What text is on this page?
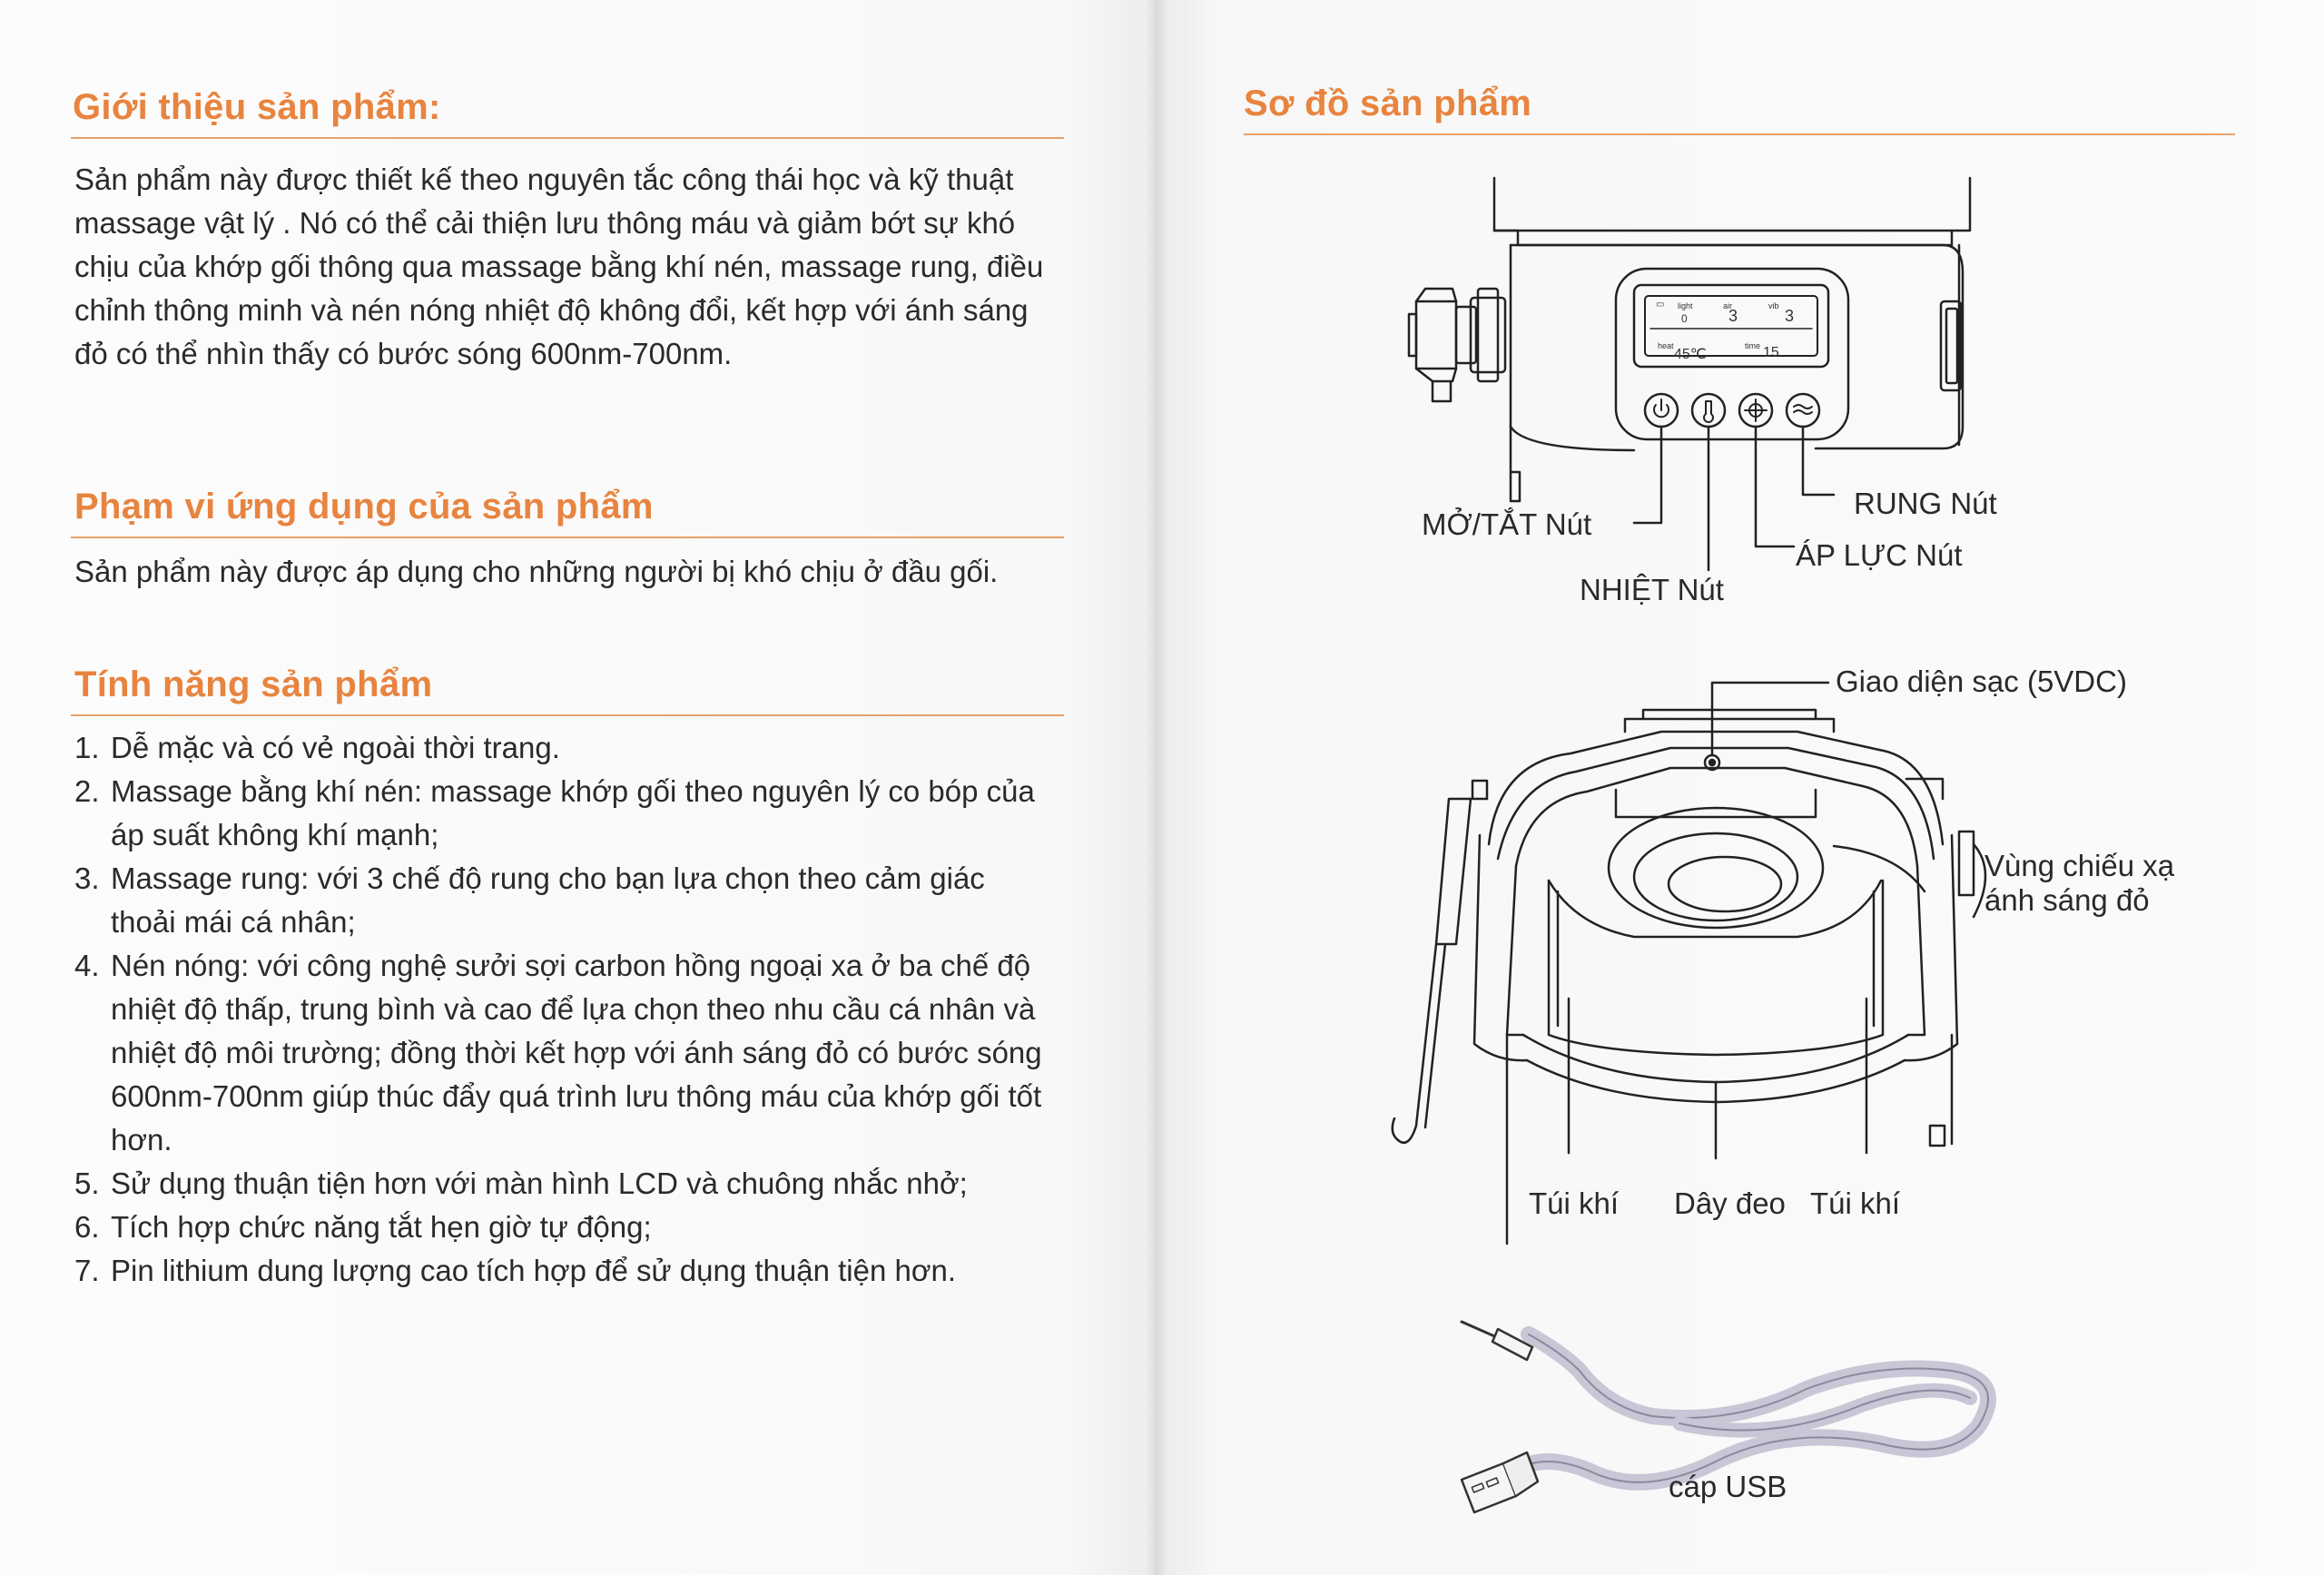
Giới thiệu sản phẩm:
Sản phẩm này được thiết kế theo nguyên tắc công thái học và kỹ thuật
massage vật lý . Nó có thể cải thiện lưu thông máu và giảm bớt sự khó
chịu của khớp gối thông qua massage bằng khí nén, massage rung, điều
chỉnh thông minh và nén nóng nhiệt độ không đổi, kết hợp với ánh sáng
đỏ có thể nhìn thấy có bước sóng 600nm-700nm.
Phạm vi ứng dụng của sản phẩm
Sản phẩm này được áp dụng cho những người bị khó chịu ở đầu gối.
Tính năng sản phẩm
1. Dễ mặc và có vẻ ngoài thời trang.
2. Massage bằng khí nén: massage khớp gối theo nguyên lý co bóp của
áp suất không khí mạnh;
3. Massage rung: với 3 chế độ rung cho bạn lựa chọn theo cảm giác
thoải mái cá nhân;
4. Nén nóng: với công nghệ sưởi sợi carbon hồng ngoại xa ở ba chế độ
nhiệt độ thấp, trung bình và cao để lựa chọn theo nhu cầu cá nhân và
nhiệt độ môi trường; đồng thời kết hợp với ánh sáng đỏ có bước sóng
600nm-700nm giúp thúc đẩy quá trình lưu thông máu của khớp gối tốt
hơn.
5. Sử dụng thuận tiện hơn với màn hình LCD và chuông nhắc nhở;
6. Tích hợp chức năng tắt hẹn giờ tự động;
7. Pin lithium dung lượng cao tích hợp để sử dụng thuận tiện hơn.
Sơ đồ sản phẩm
▭ light
0
air
3
vib
3
heat
45℃
time 15
MỞ/TẮT Nút
NHIỆT Nút
RUNG Nút
ÁP LỰC Nút
Giao diện sạc (5VDC)
Vùng chiếu xạ
ánh sáng đỏ
Túi khí Dây đeo Túi khí
cáp USB
